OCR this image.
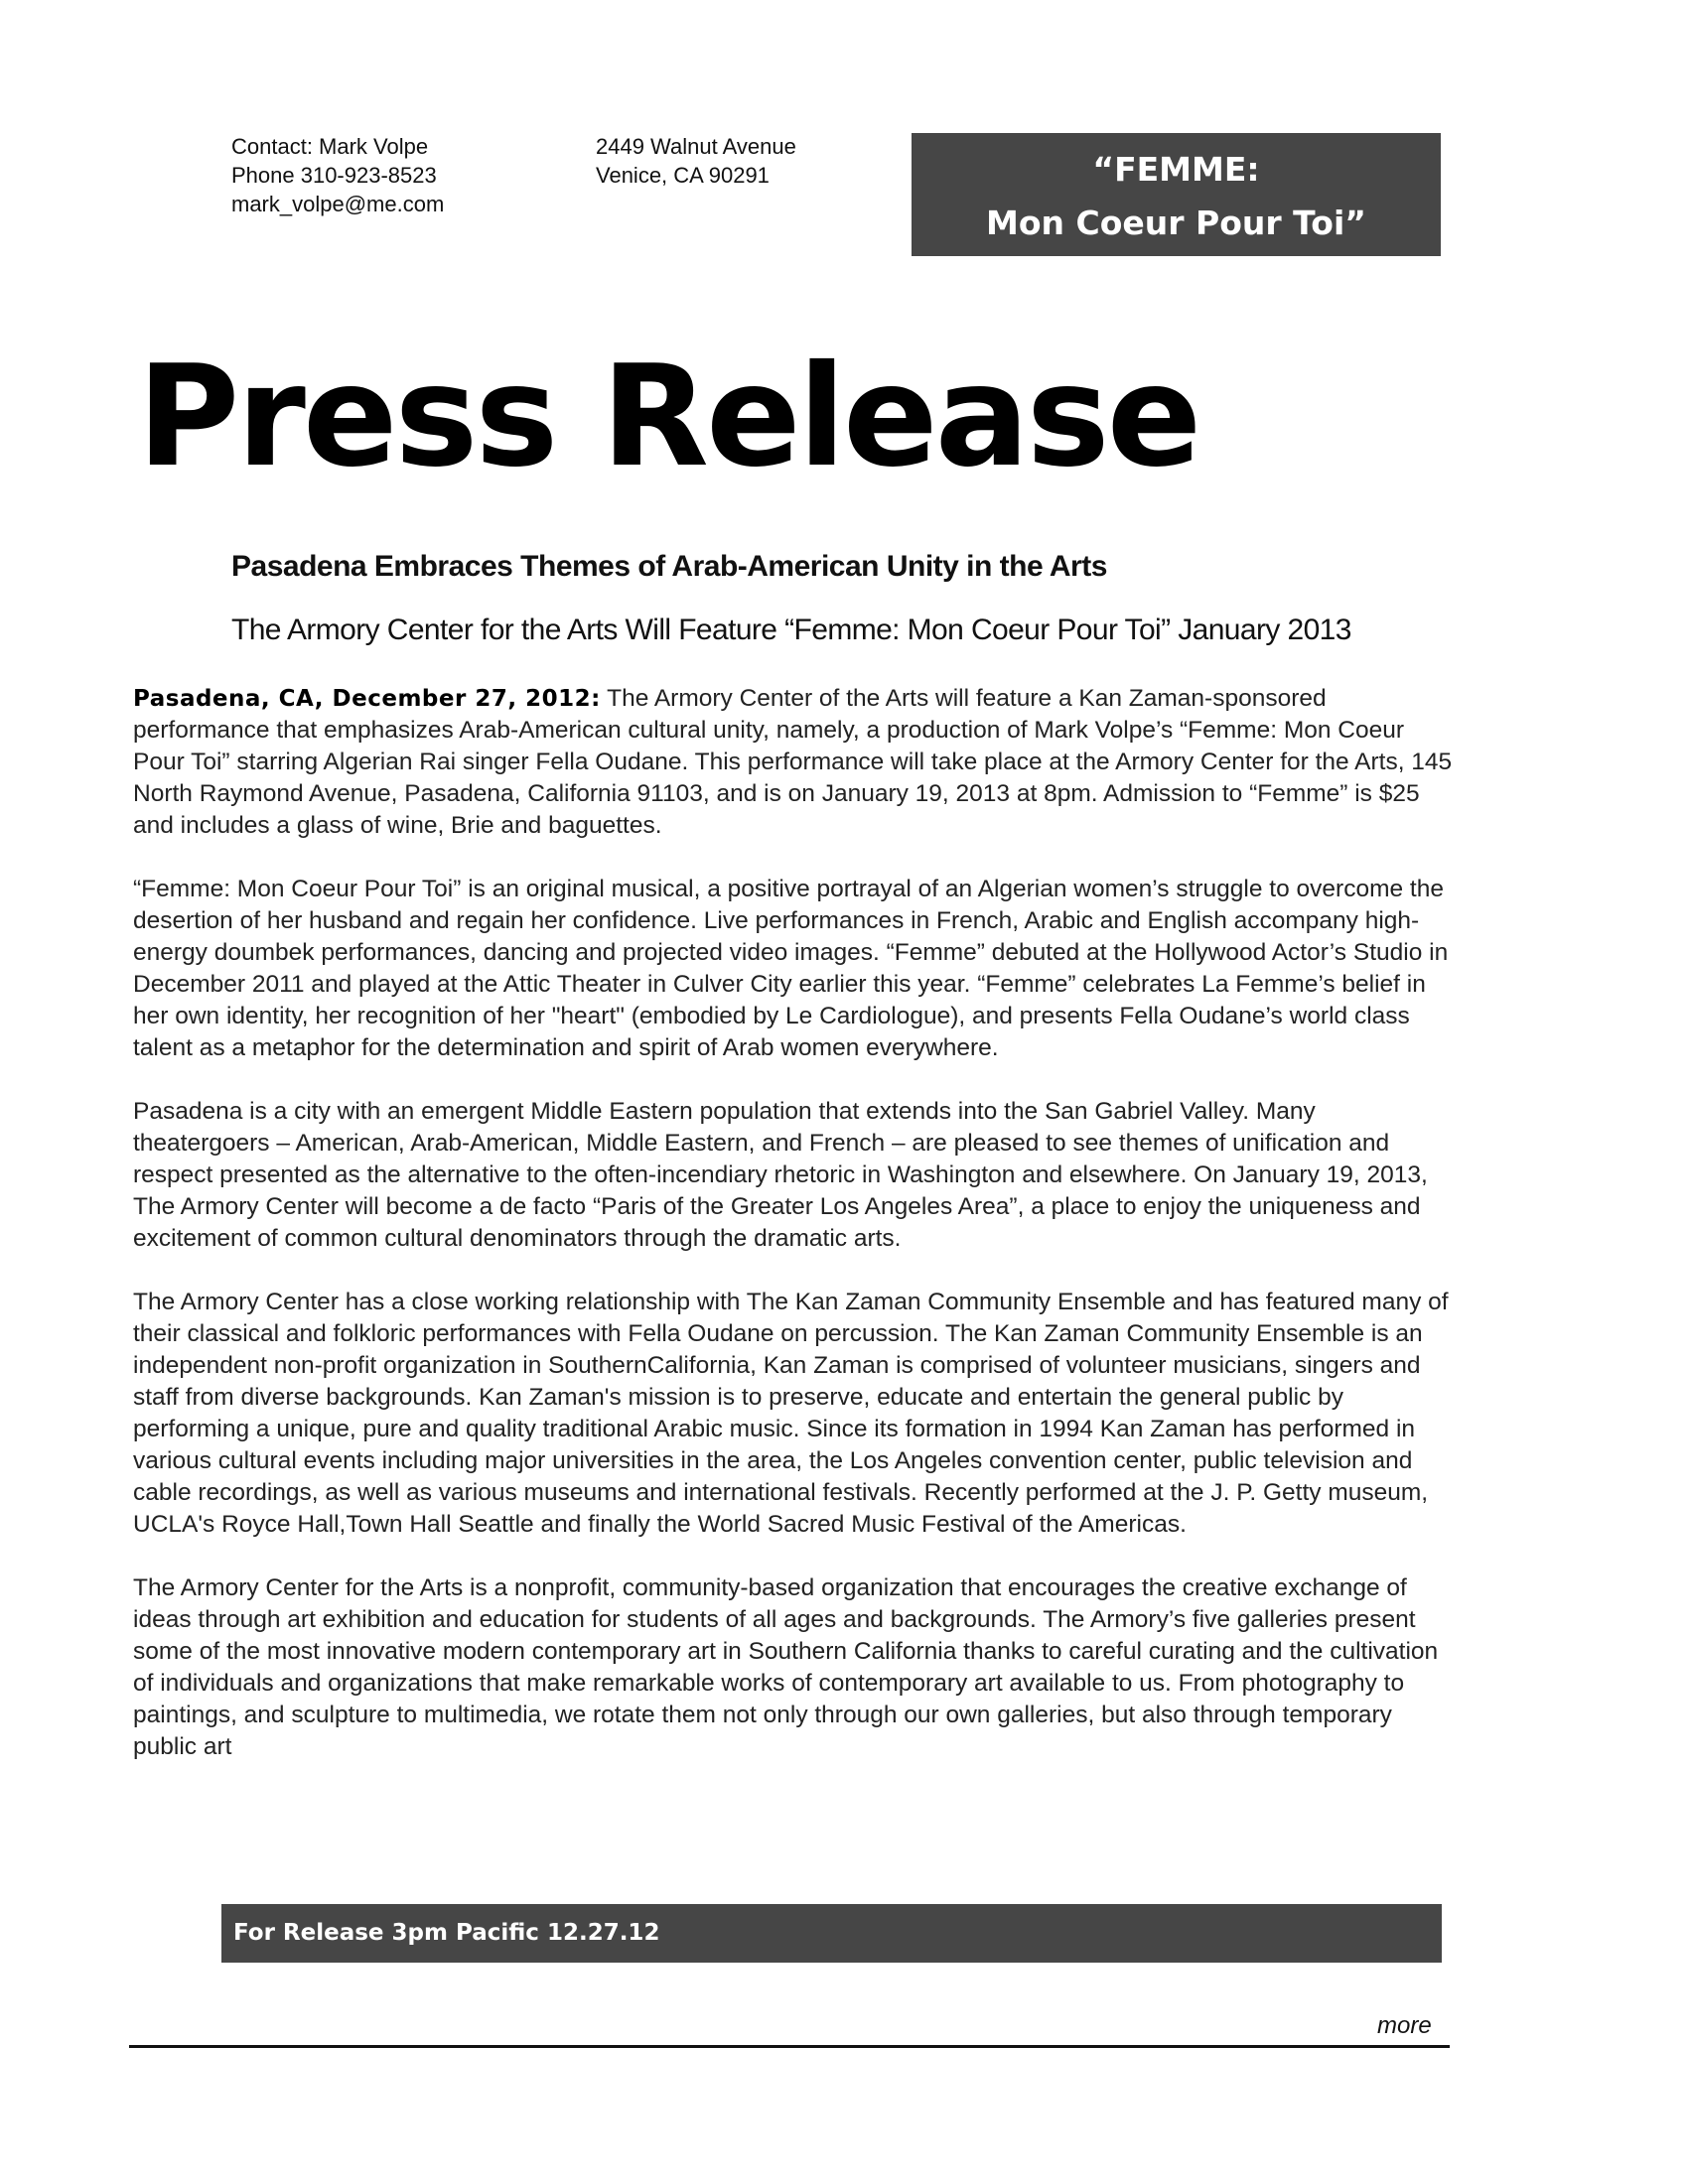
Contact: Mark Volpe
Phone 310-923-8523
mark_volpe@me.com
2449 Walnut Avenue
Venice, CA 90291	“FEMME:
Mon Coeur Pour Toi”
Press Release
Pasadena Embraces Themes of Arab-American Unity in the Arts
The Armory Center for the Arts Will Feature “Femme: Mon Coeur Pour Toi” January 2013

Pasadena, CA, December 27, 2012: The Armory Center of the Arts will feature a Kan Zaman-sponsored performance that emphasizes Arab-American cultural unity, namely, a production of Mark Volpe’s “Femme: Mon Coeur Pour Toi” starring Algerian Rai singer Fella Oudane. This performance will take place at the Armory Center for the Arts, 145 North Raymond Avenue, Pasadena, California 91103, and is on January 19, 2013 at 8pm. Admission to “Femme” is $25 and includes a glass of wine, Brie and baguettes.

“Femme: Mon Coeur Pour Toi” is an original musical, a positive portrayal of an Algerian women’s struggle to overcome the desertion of her husband and regain her confidence. Live performances in French, Arabic and English accompany high-energy doumbek performances, dancing and projected video images. “Femme” debuted at the Hollywood Actor’s Studio in December 2011 and played at the Attic Theater in Culver City earlier this year. “Femme” celebrates La Femme’s belief in her own identity, her recognition of her "heart" (embodied by Le Cardiologue), and presents Fella Oudane’s world class talent as a metaphor for the determination and spirit of Arab women everywhere.

Pasadena is a city with an emergent Middle Eastern population that extends into the San Gabriel Valley. Many theatergoers – American, Arab-American, Middle Eastern, and French – are pleased to see themes of unification and respect presented as the alternative to the often-incendiary rhetoric in Washington and elsewhere. On January 19, 2013, The Armory Center will become a de facto “Paris of the Greater Los Angeles Area”, a place to enjoy the uniqueness and excitement of common cultural denominators through the dramatic arts.

The Armory Center has a close working relationship with The Kan Zaman Community Ensemble and has featured many of their classical and folkloric performances with Fella Oudane on percussion. The Kan Zaman Community Ensemble is an independent non-profit organization in SouthernCalifornia, Kan Zaman is comprised of volunteer musicians, singers and staff from diverse backgrounds. Kan Zaman's mission is to preserve, educate and entertain the general public by performing a unique, pure and quality traditional Arabic music. Since its formation in 1994 Kan Zaman has performed in various cultural events including major universities in the area, the Los Angeles convention center, public television and cable recordings, as well as various museums and international festivals. Recently performed at the J. P. Getty museum, UCLA's Royce Hall,Town Hall Seattle and finally the World Sacred Music Festival of the Americas.

The Armory Center for the Arts is a nonprofit, community-based organization that encourages the creative exchange of ideas through art exhibition and education for students of all ages and backgrounds. The Armory’s five galleries present some of the most innovative modern contemporary art in Southern California thanks to careful curating and the cultivation of individuals and organizations that make remarkable works of contemporary art available to us. From photography to paintings, and sculpture to multimedia, we rotate them not only through our own galleries, but also through temporary public art

For Release 3pm Pacific 12.27.12
more
